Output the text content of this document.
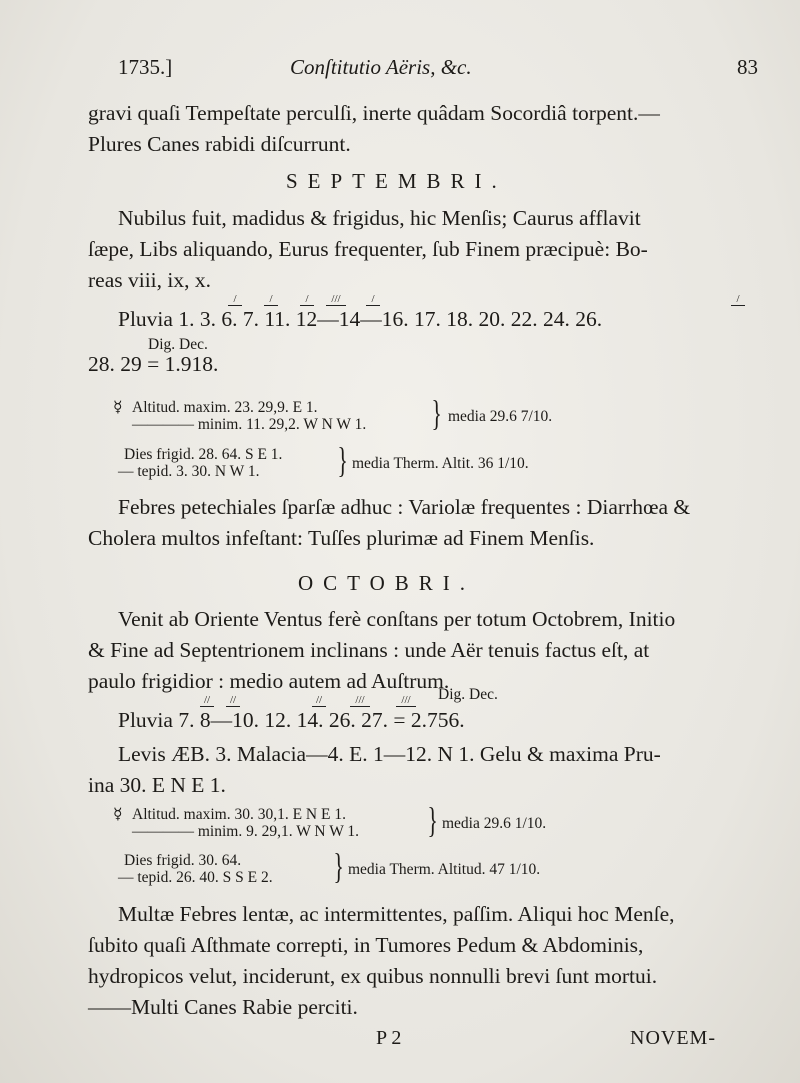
1735.]	Conſtitutio Aëris, &c.	83
gravi quaſi Tempeſtate perculſi, inerte quâdam Socordiâ torpent.—
Plures Canes rabidi diſcurrunt.
SEPTEMBRI.
Nubilus fuit, madidus & frigidus, hic Menſis; Caurus afflavit
ſæpe, Libs aliquando, Eurus frequenter, ſub Finem præcipuè: Bo-
reas viii, ix, x.
/	/	/	///	/	/
Pluvia 1. 3. 6. 7. 11. 12—14—16. 17. 18. 20. 22. 24. 26.
Dig. Dec.
28. 29 = 1.918.
☿ Altitud. maxim. 23. 29,9. E 1.
———— minim. 11. 29,2. W N W 1. } media 29.6 7/10.
Dies frigid. 28. 64. S E 1.
— tepid. 3. 30. N W 1. } media Therm. Altit. 36 1/10.
Febres petechiales ſparſæ adhuc : Variolæ frequentes : Diarrhœa &
Cholera multos infeſtant: Tuſſes plurimæ ad Finem Menſis.
OCTOBRI.
Venit ab Oriente Ventus ferè conſtans per totum Octobrem, Initio
& Fine ad Septentrionem inclinans : unde Aër tenuis factus eſt, at
paulo frigidior : medio autem ad Auſtrum.
//	//	//	///	///	Dig. Dec.
Pluvia 7. 8—10. 12. 14. 26. 27. = 2.756.
Levis ÆB. 3. Malacia—4. E. 1—12. N 1. Gelu & maxima Pru-
ina 30. E N E 1.
☿ Altitud. maxim. 30. 30,1. E N E 1.
———— minim. 9. 29,1. W N W 1. } media 29.6 1/10.
Dies frigid. 30. 64.
— tepid. 26. 40. S S E 2. } media Therm. Altitud. 47 1/10.
Multæ Febres lentæ, ac intermittentes, paſſim. Aliqui hoc Menſe,
ſubito quaſi Aſthmate correpti, in Tumores Pedum & Abdominis,
hydropicos velut, inciderunt, ex quibus nonnulli brevi ſunt mortui.
——Multi Canes Rabie perciti.
P 2	NOVEM-
